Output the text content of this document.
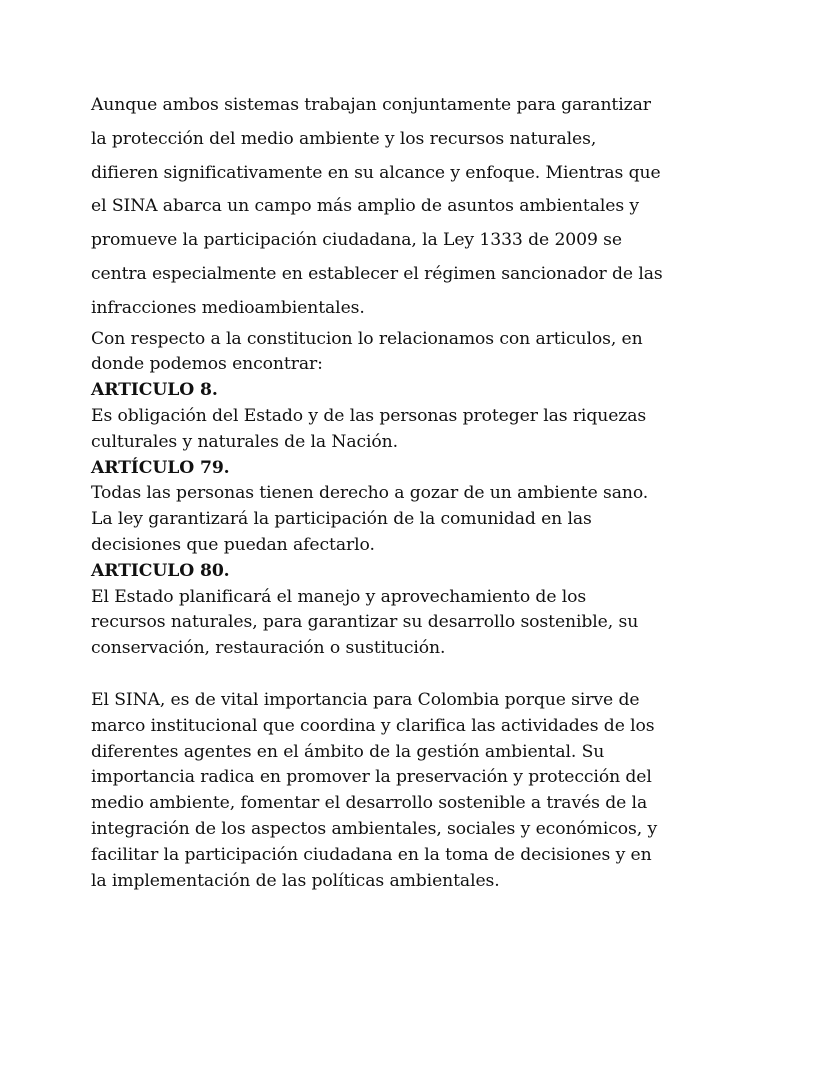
Aunque ambos sistemas trabajan conjuntamente para garantizar

la protección del medio ambiente y los recursos naturales,

difieren significativamente en su alcance y enfoque. Mientras que

el SINA abarca un campo más amplio de asuntos ambientales y

promueve la participación ciudadana, la Ley 1333 de 2009 se

centra especialmente en establecer el régimen sancionador de las

infracciones medioambientales.

Con respecto a la constitucion lo relacionamos con articulos, en

donde podemos encontrar:

ARTICULO 8.

Es obligación del Estado y de las personas proteger las riquezas

culturales y naturales de la Nación.

ARTÍCULO 79.

Todas las personas tienen derecho a gozar de un ambiente sano.

La ley garantizará la participación de la comunidad en las

decisiones que puedan afectarlo.

ARTICULO 80.

El Estado planificará el manejo y aprovechamiento de los

recursos naturales, para garantizar su desarrollo sostenible, su

conservación, restauración o sustitución.

El SINA, es de vital importancia para Colombia porque sirve de

marco institucional que coordina y clarifica las actividades de los

diferentes agentes en el ámbito de la gestión ambiental. Su

importancia radica en promover la preservación y protección del

medio ambiente, fomentar el desarrollo sostenible a través de la

integración de los aspectos ambientales, sociales y económicos, y

facilitar la participación ciudadana en la toma de decisiones y en

la implementación de las políticas ambientales.
